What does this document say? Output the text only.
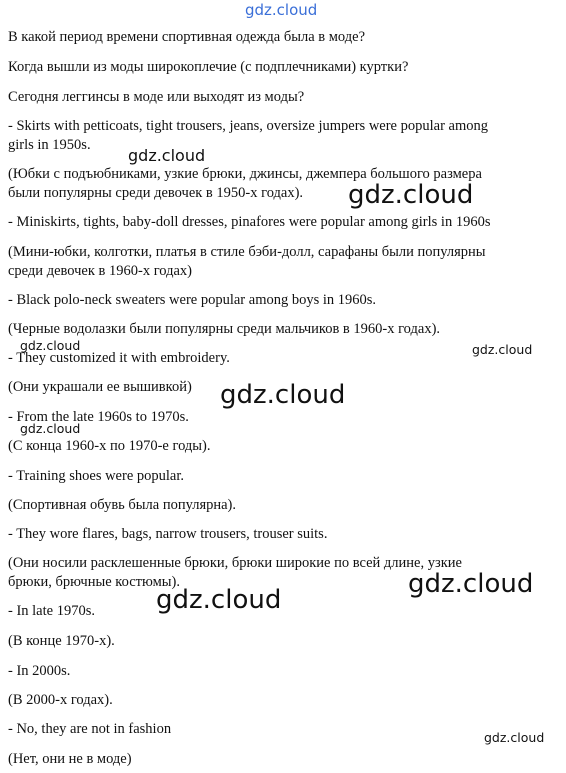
gdz.cloud
gdz.cloud
gdz.cloud
gdz.cloud	gdz.cloud
gdz.cloud
gdz.cloud
gdz.cloud
gdz.cloud
gdz.cloud

В какой период времени спортивная одежда была в моде?

Когда вышли из моды широкоплечие (с подплечниками) куртки?

Сегодня леггинсы в моде или выходят из моды?

- Skirts with petticoats, tight trousers, jeans, oversize jumpers were popular among

girls in 1950s.

(Юбки с подъюбниками, узкие брюки, джинсы, джемпера большого размера

были популярны среди девочек в 1950-х годах).

- Miniskirts, tights, baby-doll dresses, pinafores were popular among girls in 1960s

(Мини-юбки, колготки, платья в стиле бэби-долл, сарафаны были популярны

среди девочек в 1960-х годах)

- Black polo-neck sweaters were popular among boys in 1960s.

(Черные водолазки были популярны среди мальчиков в 1960-х годах).

- They customized it with embroidery.

(Они украшали ее вышивкой)

- From the late 1960s to 1970s.

(С конца 1960-х по 1970-е годы).

- Training shoes were popular.

(Спортивная обувь была популярна).

- They wore flares, bags, narrow trousers, trouser suits.

(Они носили расклешенные брюки, брюки широкие по всей длине, узкие

брюки, брючные костюмы).

- In late 1970s.

(В конце 1970-х).

- In 2000s.

(В 2000-х годах).

- No, they are not in fashion

(Нет, они не в моде)
